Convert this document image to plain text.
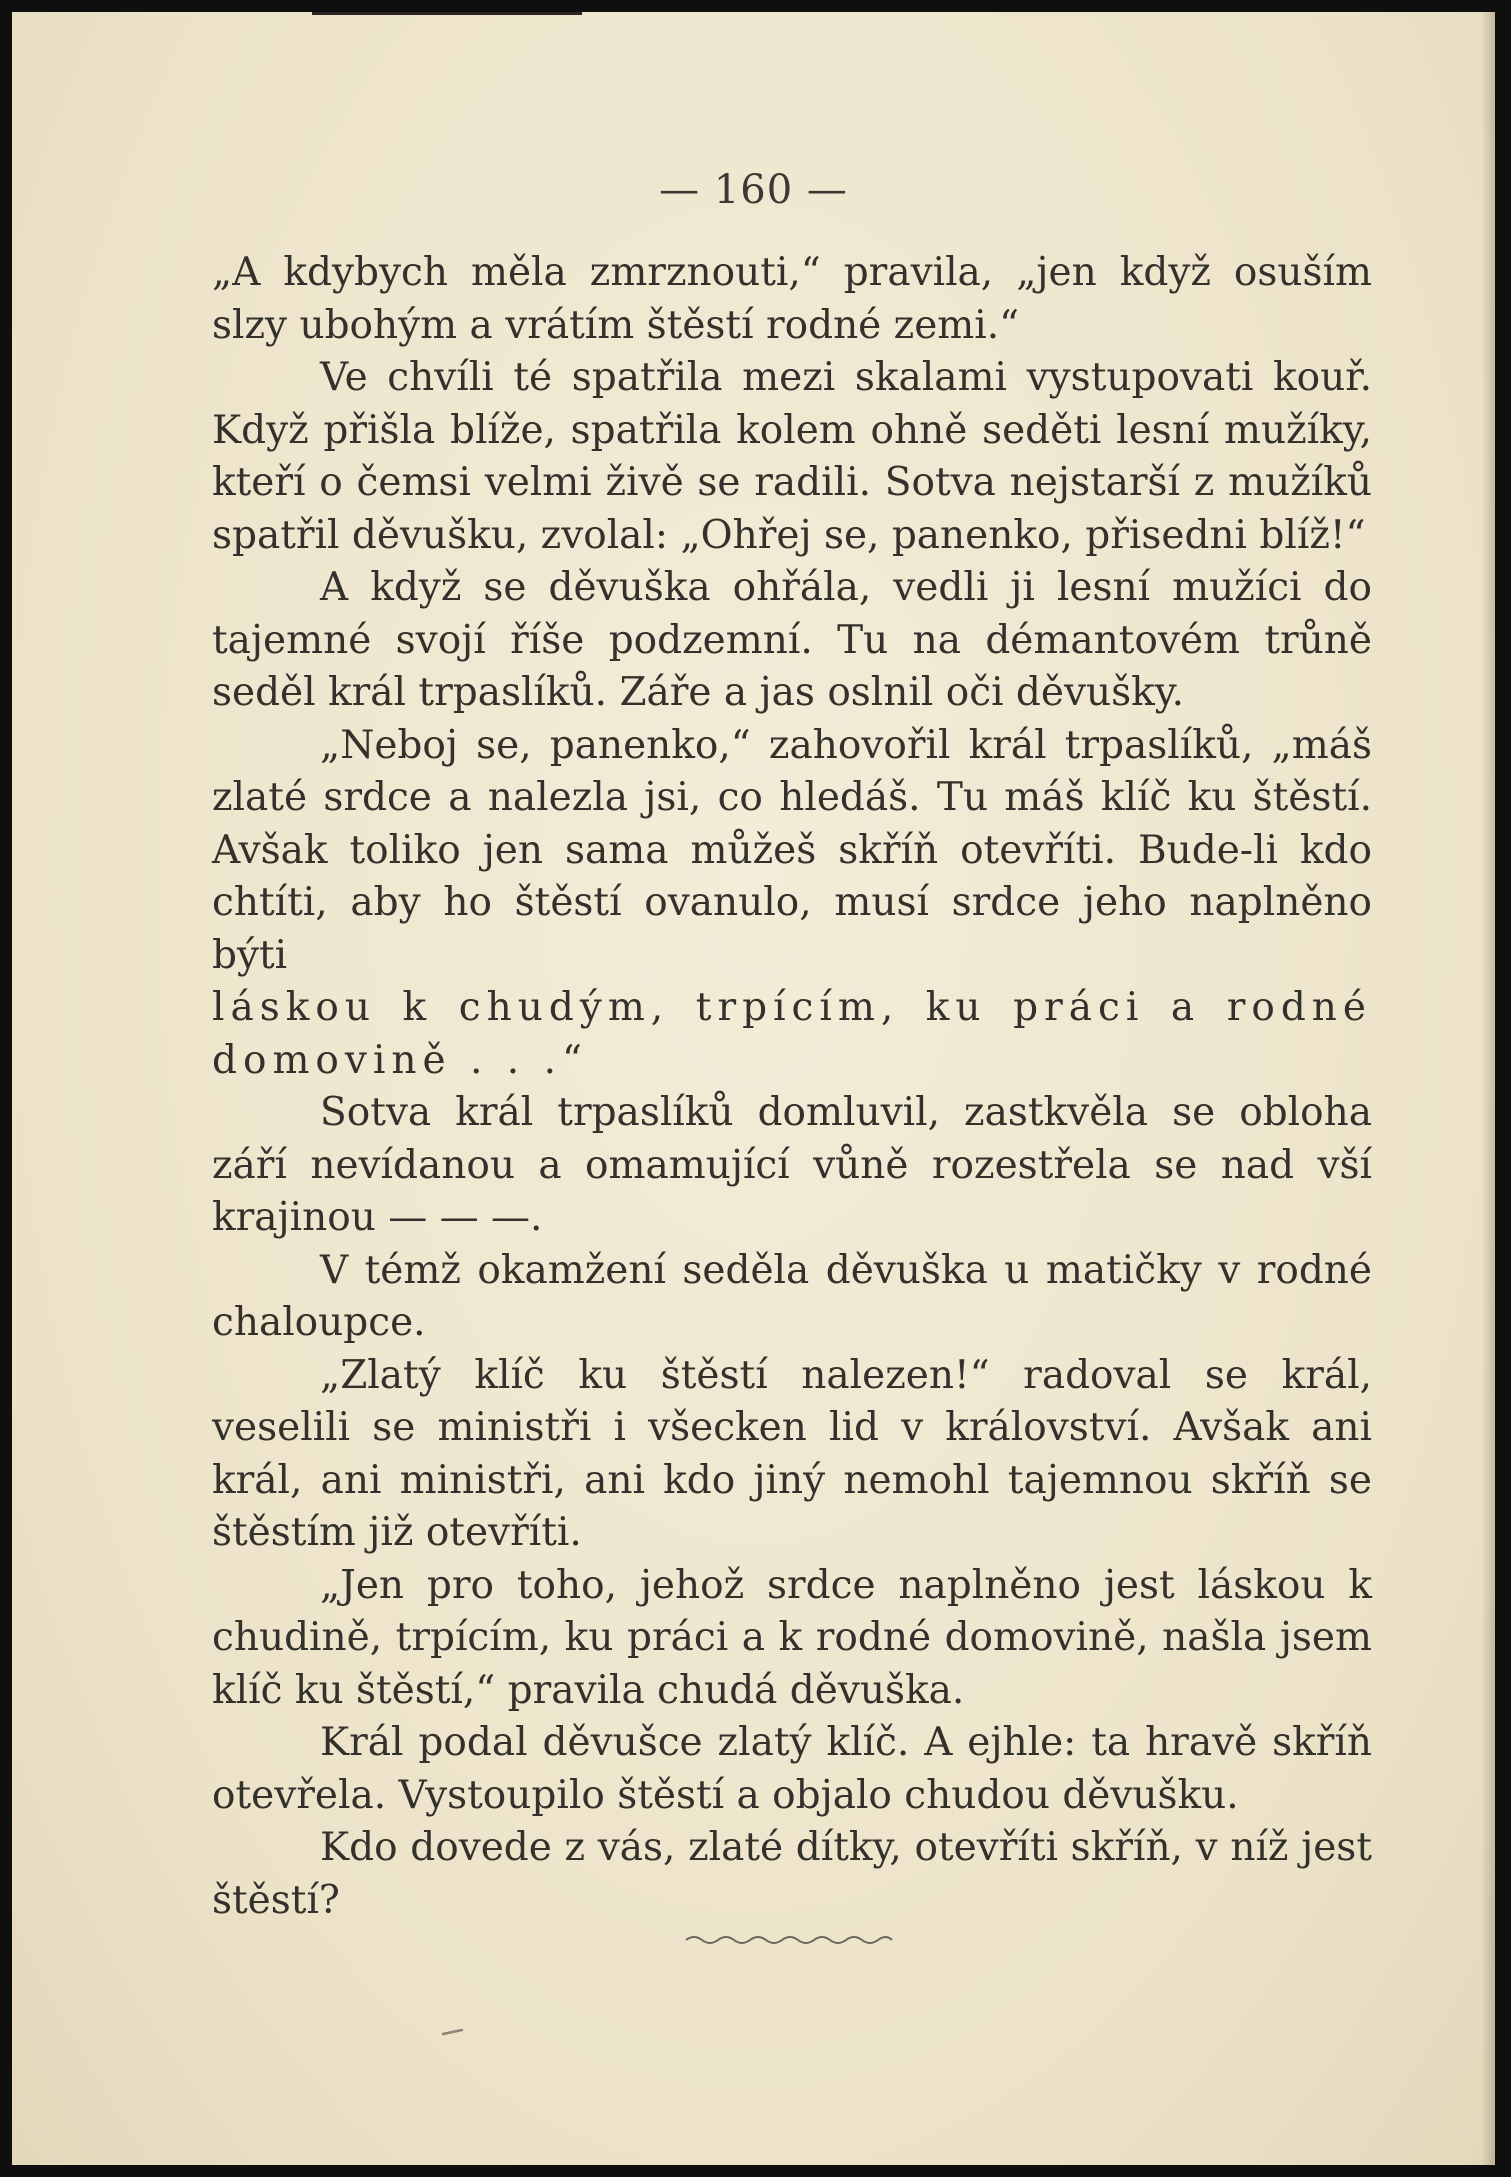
— 160 —

„A kdybych měla zmrznouti,“ pravila, „jen když osuším slzy ubohým a vrátím štěstí rodné zemi.“

Ve chvíli té spatřila mezi skalami vystupovati kouř. Když přišla blíže, spatřila kolem ohně seděti lesní mužíky, kteří o čemsi velmi živě se radili. Sotva nejstarší z mužíků spatřil děvušku, zvolal: „Ohřej se, panenko, přisedni blíž!“

A když se děvuška ohřála, vedli ji lesní mužíci do tajemné svojí říše podzemní. Tu na démantovém trůně seděl král trpaslíků. Záře a jas oslnil oči děvušky.

„Neboj se, panenko,“ zahovořil král trpaslíků, „máš zlaté srdce a nalezla jsi, co hledáš. Tu máš klíč ku štěstí. Avšak toliko jen sama můžeš skříň otevříti. Bude-li kdo chtíti, aby ho štěstí ovanulo, musí srdce jeho naplněno býti

láskou k chudým, trpícím, ku práci a rodné domovině . . .“

Sotva král trpaslíků domluvil, zastkvěla se obloha září nevídanou a omamující vůně rozestřela se nad vší krajinou — — —.

V témž okamžení seděla děvuška u matičky v rodné chaloupce.

„Zlatý klíč ku štěstí nalezen!“ radoval se král, veselili se ministři i všecken lid v království. Avšak ani král, ani ministři, ani kdo jiný nemohl tajemnou skříň se štěstím již otevříti.

„Jen pro toho, jehož srdce naplněno jest láskou k chudině, trpícím, ku práci a k rodné domovině, našla jsem klíč ku štěstí,“ pravila chudá děvuška.

Král podal děvušce zlatý klíč. A ejhle: ta hravě skříň otevřela. Vystoupilo štěstí a objalo chudou děvušku.

Kdo dovede z vás, zlaté dítky, otevříti skříň, v níž jest štěstí?
